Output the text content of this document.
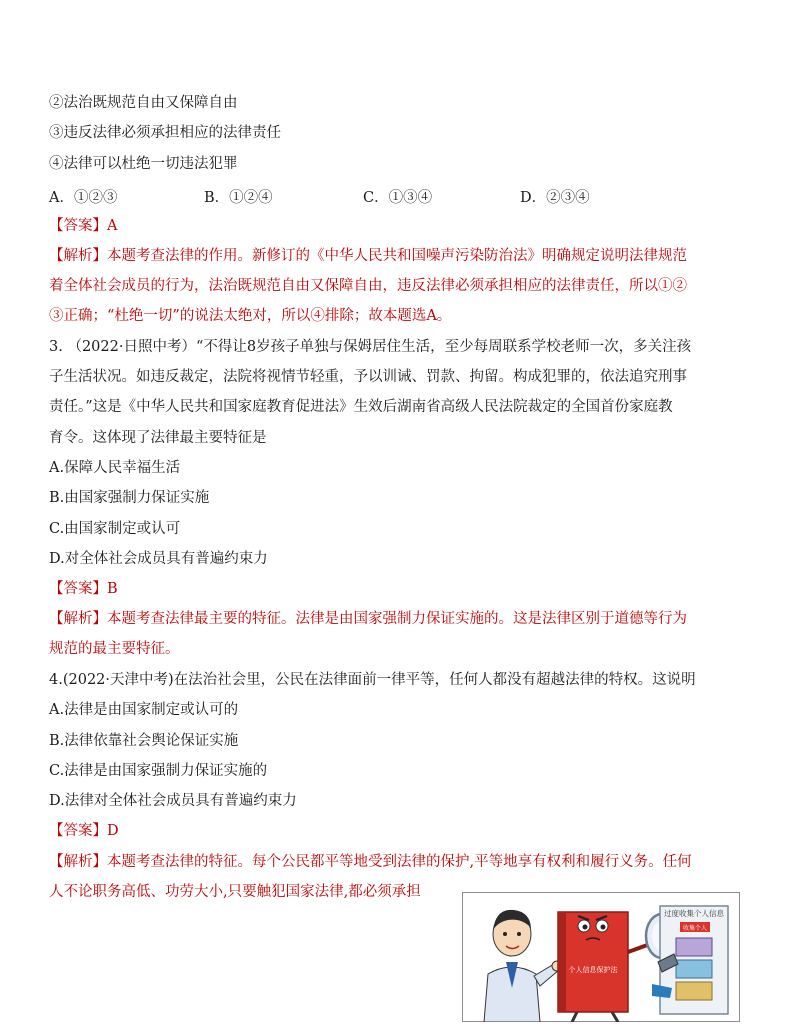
②法治既规范自由又保障自由
③违反法律必须承担相应的法律责任
④法律可以杜绝一切违法犯罪
A．①②③	B．①②④	C．①③④	D．②③④
【答案】A
【解析】本题考查法律的作用。新修订的《中华人民共和国噪声污染防治法》明确规定说明法律规范
着全体社会成员的行为，法治既规范自由又保障自由，违反法律必须承担相应的法律责任，所以①②
③正确；“杜绝一切”的说法太绝对，所以④排除；故本题选A。
3. （2022·日照中考）“不得让8岁孩子单独与保姆居住生活，至少每周联系学校老师一次，多关注孩
子生活状况。如违反裁定，法院将视情节轻重，予以训诫、罚款、拘留。构成犯罪的，依法追究刑事
责任。”这是《中华人民共和国家庭教育促进法》生效后湖南省高级人民法院裁定的全国首份家庭教
育令。这体现了法律最主要特征是
A.保障人民幸福生活
B.由国家强制力保证实施
C.由国家制定或认可
D.对全体社会成员具有普遍约束力
【答案】B
【解析】本题考查法律最主要的特征。法律是由国家强制力保证实施的。这是法律区别于道德等行为
规范的最主要特征。
4.(2022·天津中考)在法治社会里，公民在法律面前一律平等，任何人都没有超越法律的特权。这说明
A.法律是由国家制定或认可的
B.法律依靠社会舆论保证实施
C.法律是由国家强制力保证实施的
D.法律对全体社会成员具有普遍约束力
【答案】D
【解析】本题考查法律的特征。每个公民都平等地受到法律的保护,平等地享有权利和履行义务。任何
人不论职务高低、功劳大小,只要触犯国家法律,都必须承担
个人信息保护法
过度收集个人信息
收集个人
